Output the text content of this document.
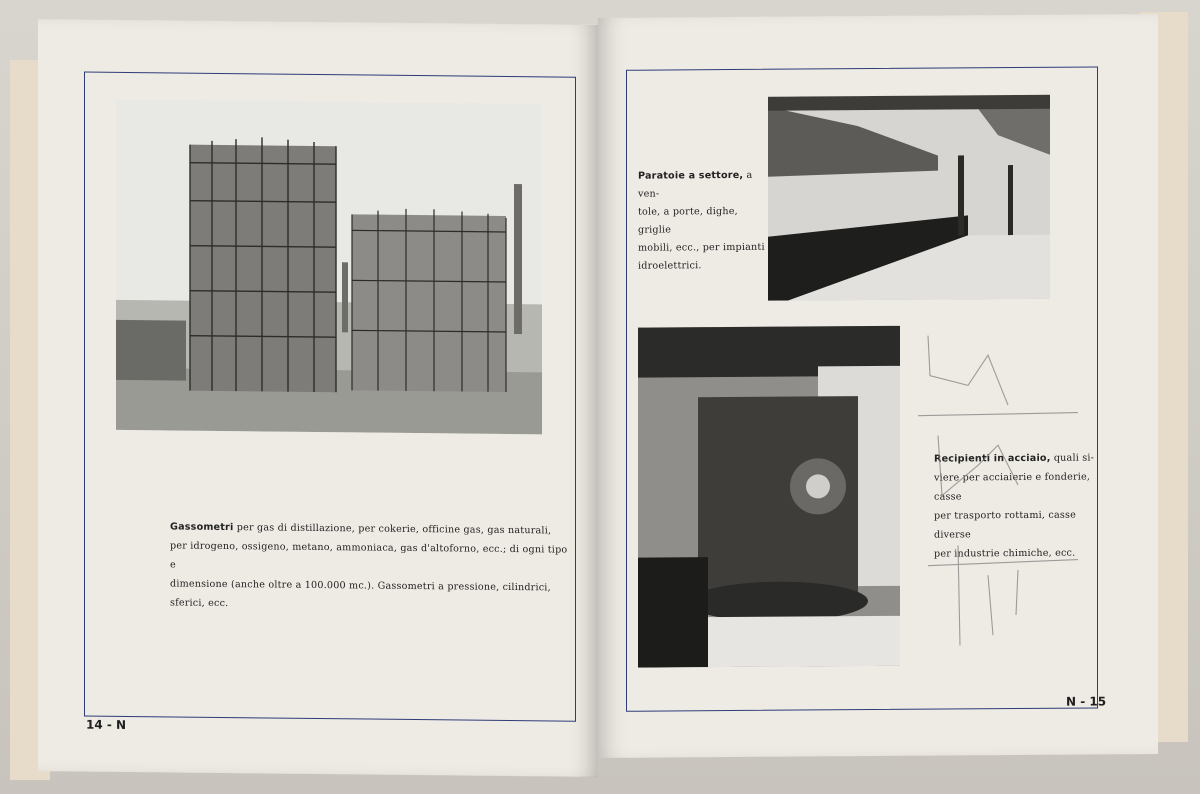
Gassometri per gas di distillazione, per cokerie, officine gas, gas naturali,
per idrogeno, ossigeno, metano, ammoniaca, gas d'altoforno, ecc.; di ogni tipo e
dimensione (anche oltre a 100.000 mc.). Gassometri a pressione, cilindrici, sferici, ecc.
14 - N
Paratoie a settore, a ven-
tole, a porte, dighe, griglie
mobili, ecc., per impianti
idroelettrici.
Recipienti in acciaio, quali si-
viere per acciaierie e fonderie, casse
per trasporto rottami, casse diverse
per industrie chimiche, ecc.
N - 15
